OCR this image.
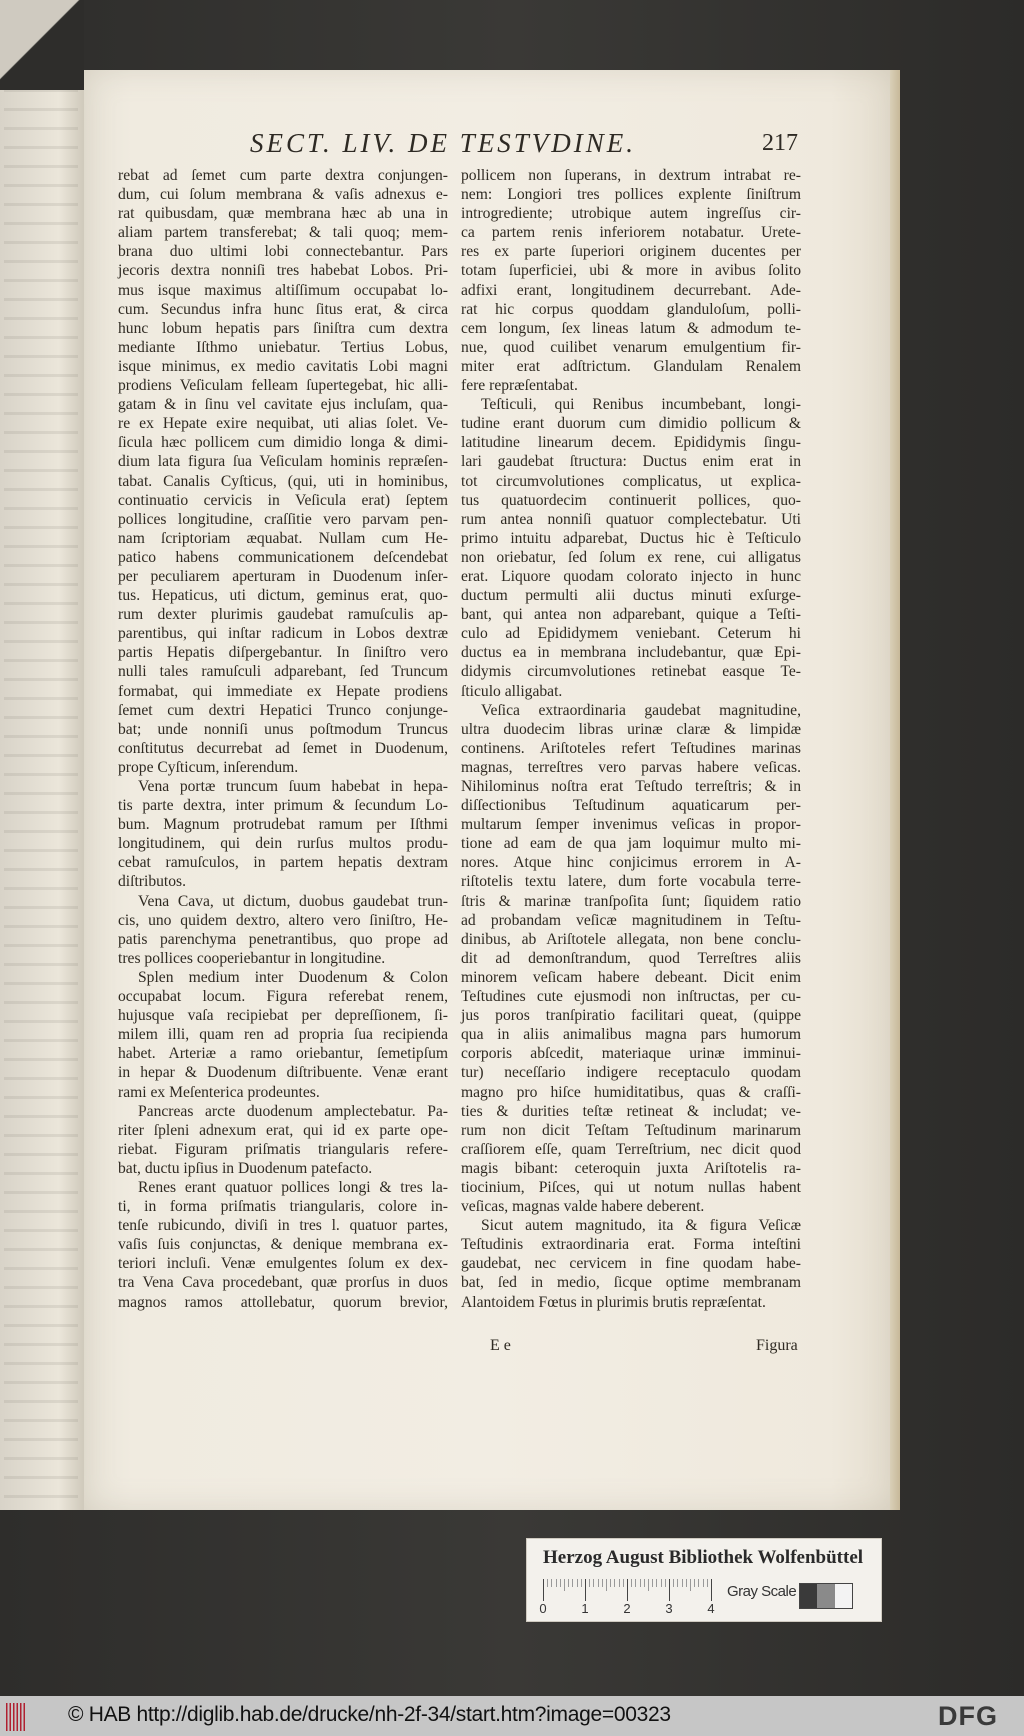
SECT. LIV. DE TESTVDINE.	217
rebat ad ſemet cum parte dextra conjungen-
dum, cui ſolum membrana & vaſis adnexus e-
rat quibusdam, quæ membrana hæc ab una in
aliam partem transferebat; & tali quoq; mem-
brana duo ultimi lobi connectebantur. Pars
jecoris dextra nonniſi tres habebat Lobos. Pri-
mus isque maximus altiſſimum occupabat lo-
cum. Secundus infra hunc ſitus erat, & circa
hunc lobum hepatis pars ſiniſtra cum dextra
mediante Iſthmo uniebatur. Tertius Lobus,
isque minimus, ex medio cavitatis Lobi magni
prodiens Veſiculam felleam ſupertegebat, hic alli-
gatam & in ſinu vel cavitate ejus incluſam, qua-
re ex Hepate exire nequibat, uti alias ſolet. Ve-
ſicula hæc pollicem cum dimidio longa & dimi-
dium lata figura ſua Veſiculam hominis repræſen-
tabat. Canalis Cyſticus, (qui, uti in hominibus,
continuatio cervicis in Veſicula erat) ſeptem
pollices longitudine, craſſitie vero parvam pen-
nam ſcriptoriam æquabat. Nullam cum He-
patico habens communicationem deſcendebat
per peculiarem aperturam in Duodenum inſer-
tus. Hepaticus, uti dictum, geminus erat, quo-
rum dexter plurimis gaudebat ramuſculis ap-
parentibus, qui inſtar radicum in Lobos dextræ
partis Hepatis diſpergebantur. In ſiniſtro vero
nulli tales ramuſculi adparebant, ſed Truncum
formabat, qui immediate ex Hepate prodiens
ſemet cum dextri Hepatici Trunco conjunge-
bat; unde nonniſi unus poſtmodum Truncus
conſtitutus decurrebat ad ſemet in Duodenum,
prope Cyſticum, inſerendum.
Vena portæ truncum ſuum habebat in hepa-
tis parte dextra, inter primum & ſecundum Lo-
bum. Magnum protrudebat ramum per Iſthmi
longitudinem, qui dein rurſus multos produ-
cebat ramuſculos, in partem hepatis dextram
diſtributos.
Vena Cava, ut dictum, duobus gaudebat trun-
cis, uno quidem dextro, altero vero ſiniſtro, He-
patis parenchyma penetrantibus, quo prope ad
tres pollices cooperiebantur in longitudine.
Splen medium inter Duodenum & Colon
occupabat locum. Figura referebat renem,
hujusque vaſa recipiebat per depreſſionem, ſi-
milem illi, quam ren ad propria ſua recipienda
habet. Arteriæ a ramo oriebantur, ſemetipſum
in hepar & Duodenum diſtribuente. Venæ erant
rami ex Meſenterica prodeuntes.
Pancreas arcte duodenum amplectebatur. Pa-
riter ſpleni adnexum erat, qui id ex parte ope-
riebat. Figuram priſmatis triangularis refere-
bat, ductu ipſius in Duodenum patefacto.
Renes erant quatuor pollices longi & tres la-
ti, in forma priſmatis triangularis, colore in-
tenſe rubicundo, diviſi in tres l. quatuor partes,
vaſis ſuis conjunctas, & denique membrana ex-
teriori incluſi. Venæ emulgentes ſolum ex dex-
tra Vena Cava procedebant, quæ prorſus in duos
magnos ramos attollebatur, quorum brevior,
pollicem non ſuperans, in dextrum intrabat re-
nem: Longiori tres pollices explente ſiniſtrum
introgrediente; utrobique autem ingreſſus cir-
ca partem renis inferiorem notabatur. Urete-
res ex parte ſuperiori originem ducentes per
totam ſuperficiei, ubi & more in avibus ſolito
adfixi erant, longitudinem decurrebant. Ade-
rat hic corpus quoddam glanduloſum, polli-
cem longum, ſex lineas latum & admodum te-
nue, quod cuilibet venarum emulgentium fir-
miter erat adſtrictum. Glandulam Renalem
fere repræſentabat.
Teſticuli, qui Renibus incumbebant, longi-
tudine erant duorum cum dimidio pollicum &
latitudine linearum decem. Epididymis ſingu-
lari gaudebat ſtructura: Ductus enim erat in
tot circumvolutiones complicatus, ut explica-
tus quatuordecim continuerit pollices, quo-
rum antea nonniſi quatuor complectebatur. Uti
primo intuitu adparebat, Ductus hic è Teſticulo
non oriebatur, ſed ſolum ex rene, cui alligatus
erat. Liquore quodam colorato injecto in hunc
ductum permulti alii ductus minuti exſurge-
bant, qui antea non adparebant, quique a Teſti-
culo ad Epididymem veniebant. Ceterum hi
ductus ea in membrana includebantur, quæ Epi-
didymis circumvolutiones retinebat easque Te-
ſticulo alligabat.
Veſica extraordinaria gaudebat magnitudine,
ultra duodecim libras urinæ claræ & limpidæ
continens. Ariſtoteles refert Teſtudines marinas
magnas, terreſtres vero parvas habere veſicas.
Nihilominus noſtra erat Teſtudo terreſtris; & in
diſſectionibus Teſtudinum aquaticarum per-
multarum ſemper invenimus veſicas in propor-
tione ad eam de qua jam loquimur multo mi-
nores. Atque hinc conjicimus errorem in A-
riſtotelis textu latere, dum forte vocabula terre-
ſtris & marinæ tranſpoſita ſunt; ſiquidem ratio
ad probandam veſicæ magnitudinem in Teſtu-
dinibus, ab Ariſtotele allegata, non bene conclu-
dit ad demonſtrandum, quod Terreſtres aliis
minorem veſicam habere debeant. Dicit enim
Teſtudines cute ejusmodi non inſtructas, per cu-
jus poros tranſpiratio facilitari queat, (quippe
qua in aliis animalibus magna pars humorum
corporis abſcedit, materiaque urinæ imminui-
tur) neceſſario indigere receptaculo quodam
magno pro hiſce humiditatibus, quas & craſſi-
ties & durities teſtæ retineat & includat; ve-
rum non dicit Teſtam Teſtudinum marinarum
craſſiorem eſſe, quam Terreſtrium, nec dicit quod
magis bibant: ceteroquin juxta Ariſtotelis ra-
tiocinium, Piſces, qui ut notum nullas habent
veſicas, magnas valde habere deberent.
Sicut autem magnitudo, ita & figura Veſicæ
Teſtudinis extraordinaria erat. Forma inteſtini
gaudebat, nec cervicem in fine quodam habe-
bat, ſed in medio, ſicque optime membranam
Alantoidem Fœtus in plurimis brutis repræſentat.
E e	Figura
Herzog August Bibliothek Wolfenbüttel
0	1	2	3	4
Gray Scale
© HAB http://diglib.hab.de/drucke/nh-2f-34/start.htm?image=00323	DFG
